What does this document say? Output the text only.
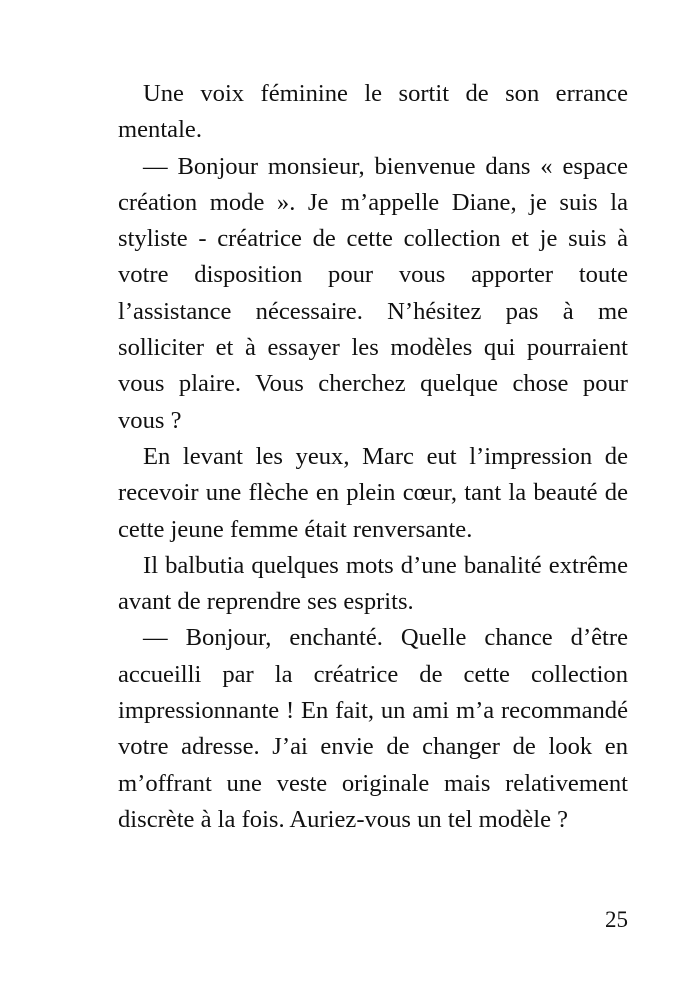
Une voix féminine le sortit de son errance mentale.

— Bonjour monsieur, bienvenue dans « espace création mode ». Je m’appelle Diane, je suis la styliste - créatrice de cette collection et je suis à votre disposition pour vous apporter toute l’assistance nécessaire. N’hésitez pas à me solliciter et à essayer les modèles qui pourraient vous plaire. Vous cherchez quelque chose pour vous ?

En levant les yeux, Marc eut l’impression de recevoir une flèche en plein cœur, tant la beauté de cette jeune femme était renversante.

Il balbutia quelques mots d’une banalité extrême avant de reprendre ses esprits.

— Bonjour, enchanté. Quelle chance d’être accueilli par la créatrice de cette collection impressionnante ! En fait, un ami m’a recommandé votre adresse. J’ai envie de changer de look en m’offrant une veste originale mais relativement discrète à la fois. Auriez-vous un tel modèle ?

25
